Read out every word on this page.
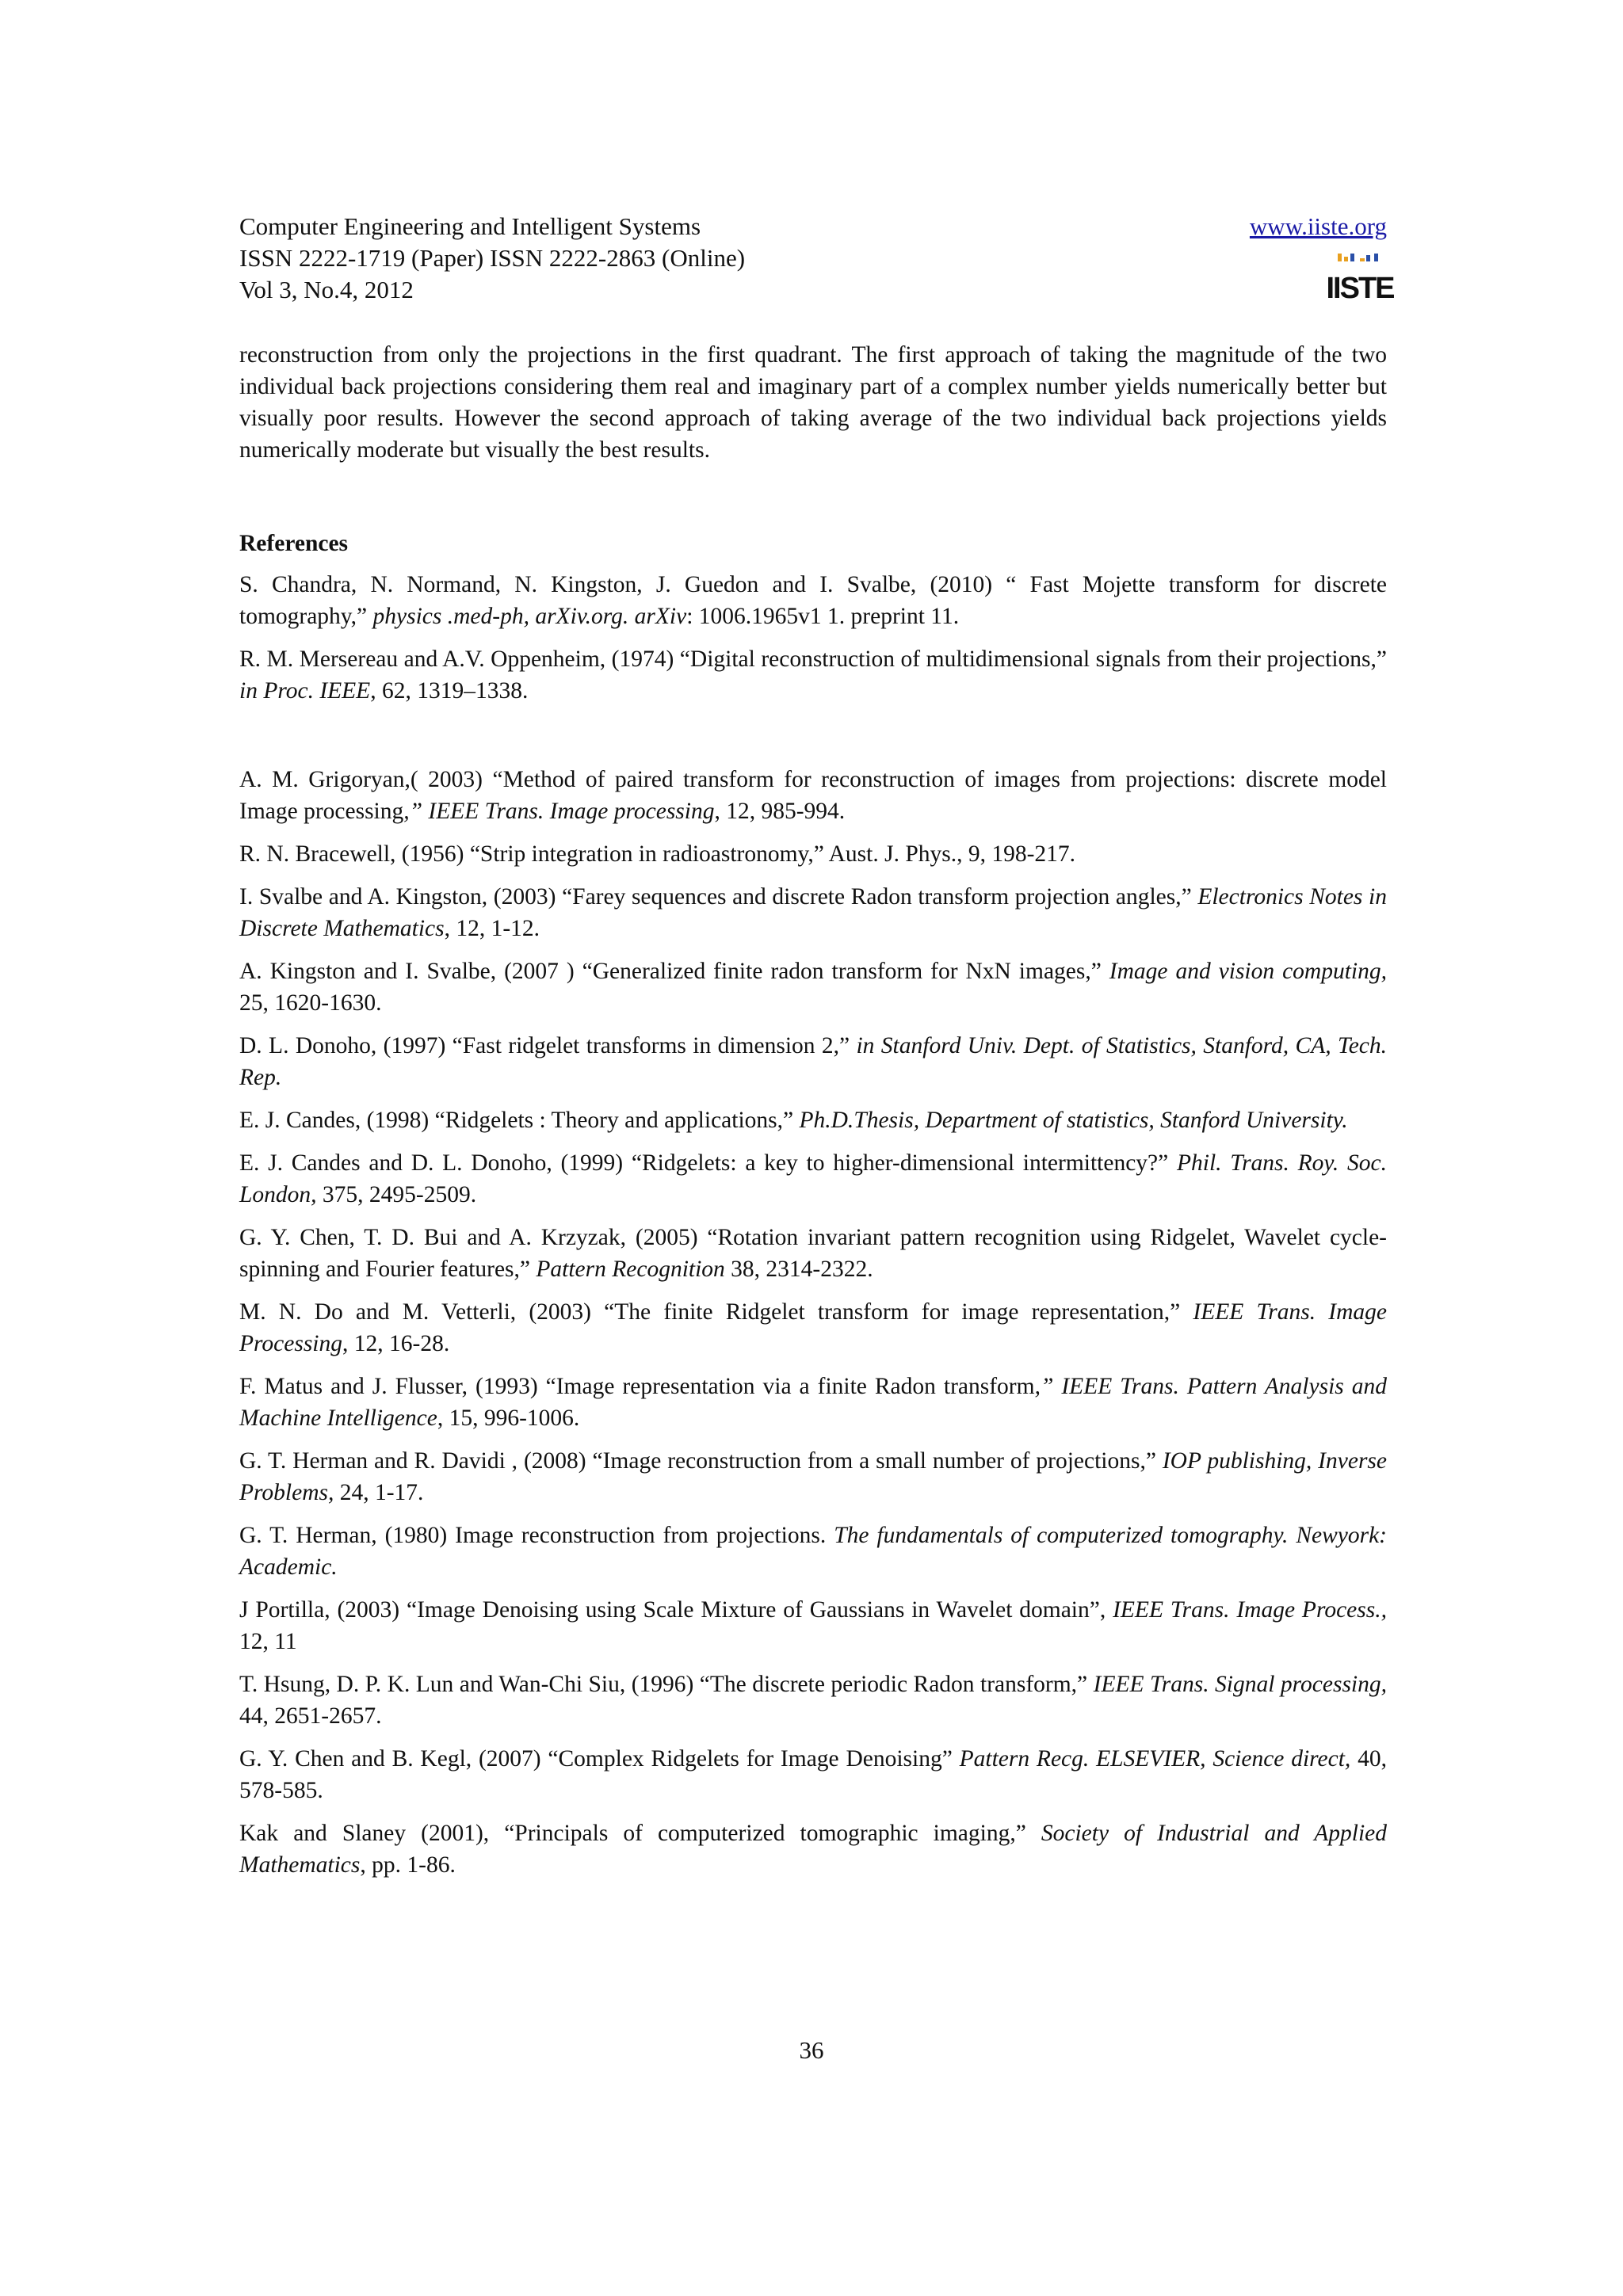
Computer Engineering and Intelligent Systems
ISSN 2222-1719 (Paper) ISSN 2222-2863 (Online)
Vol 3, No.4, 2012
www.iiste.org
IISTE

reconstruction from only the projections in the first quadrant. The first approach of taking the magnitude of the two individual back projections considering them real and imaginary part of a complex number yields numerically better but visually poor results. However the second approach of taking average of the two individual back projections yields numerically moderate but visually the best results.

References
S. Chandra, N. Normand, N. Kingston, J. Guedon and I. Svalbe, (2010) “ Fast Mojette transform for discrete tomography,” physics .med-ph, arXiv.org. arXiv: 1006.1965v1 1. preprint 11.
R. M. Mersereau and A.V. Oppenheim, (1974) “Digital reconstruction of multidimensional signals from their projections,” in Proc. IEEE, 62, 1319–1338.
A. M. Grigoryan,( 2003) “Method of paired transform for reconstruction of images from projections: discrete model Image processing,” IEEE Trans. Image processing, 12, 985-994.
R. N. Bracewell, (1956) “Strip integration in radioastronomy,” Aust. J. Phys., 9, 198-217.
I. Svalbe and A. Kingston, (2003) “Farey sequences and discrete Radon transform projection angles,” Electronics Notes in Discrete Mathematics, 12, 1-12.
A. Kingston and I. Svalbe, (2007 ) “Generalized finite radon transform for NxN images,” Image and vision computing, 25, 1620-1630.
D. L. Donoho, (1997) “Fast ridgelet transforms in dimension 2,” in Stanford Univ. Dept. of Statistics, Stanford, CA, Tech. Rep.
E. J. Candes, (1998) “Ridgelets : Theory and applications,” Ph.D.Thesis, Department of statistics, Stanford University.
E. J. Candes and D. L. Donoho, (1999) “Ridgelets: a key to higher-dimensional intermittency?” Phil. Trans. Roy. Soc. London, 375, 2495-2509.
G. Y. Chen, T. D. Bui and A. Krzyzak, (2005) “Rotation invariant pattern recognition using Ridgelet, Wavelet cycle-spinning and Fourier features,” Pattern Recognition 38, 2314-2322.
M. N. Do and M. Vetterli, (2003) “The finite Ridgelet transform for image representation,” IEEE Trans. Image Processing, 12, 16-28.
F. Matus and J. Flusser, (1993) “Image representation via a finite Radon transform,” IEEE Trans. Pattern Analysis and Machine Intelligence, 15, 996-1006.
G. T. Herman and R. Davidi , (2008) “Image reconstruction from a small number of projections,” IOP publishing, Inverse Problems, 24, 1-17.
G. T. Herman, (1980) Image reconstruction from projections. The fundamentals of computerized tomography. Newyork: Academic.
J Portilla, (2003) “Image Denoising using Scale Mixture of Gaussians in Wavelet domain”, IEEE Trans. Image Process., 12, 11
T. Hsung, D. P. K. Lun and Wan-Chi Siu, (1996) “The discrete periodic Radon transform,” IEEE Trans. Signal processing, 44, 2651-2657.
G. Y. Chen and B. Kegl, (2007) “Complex Ridgelets for Image Denoising” Pattern Recg. ELSEVIER, Science direct, 40, 578-585.
Kak and Slaney (2001), “Principals of computerized tomographic imaging,” Society of Industrial and Applied Mathematics, pp. 1-86.
36
